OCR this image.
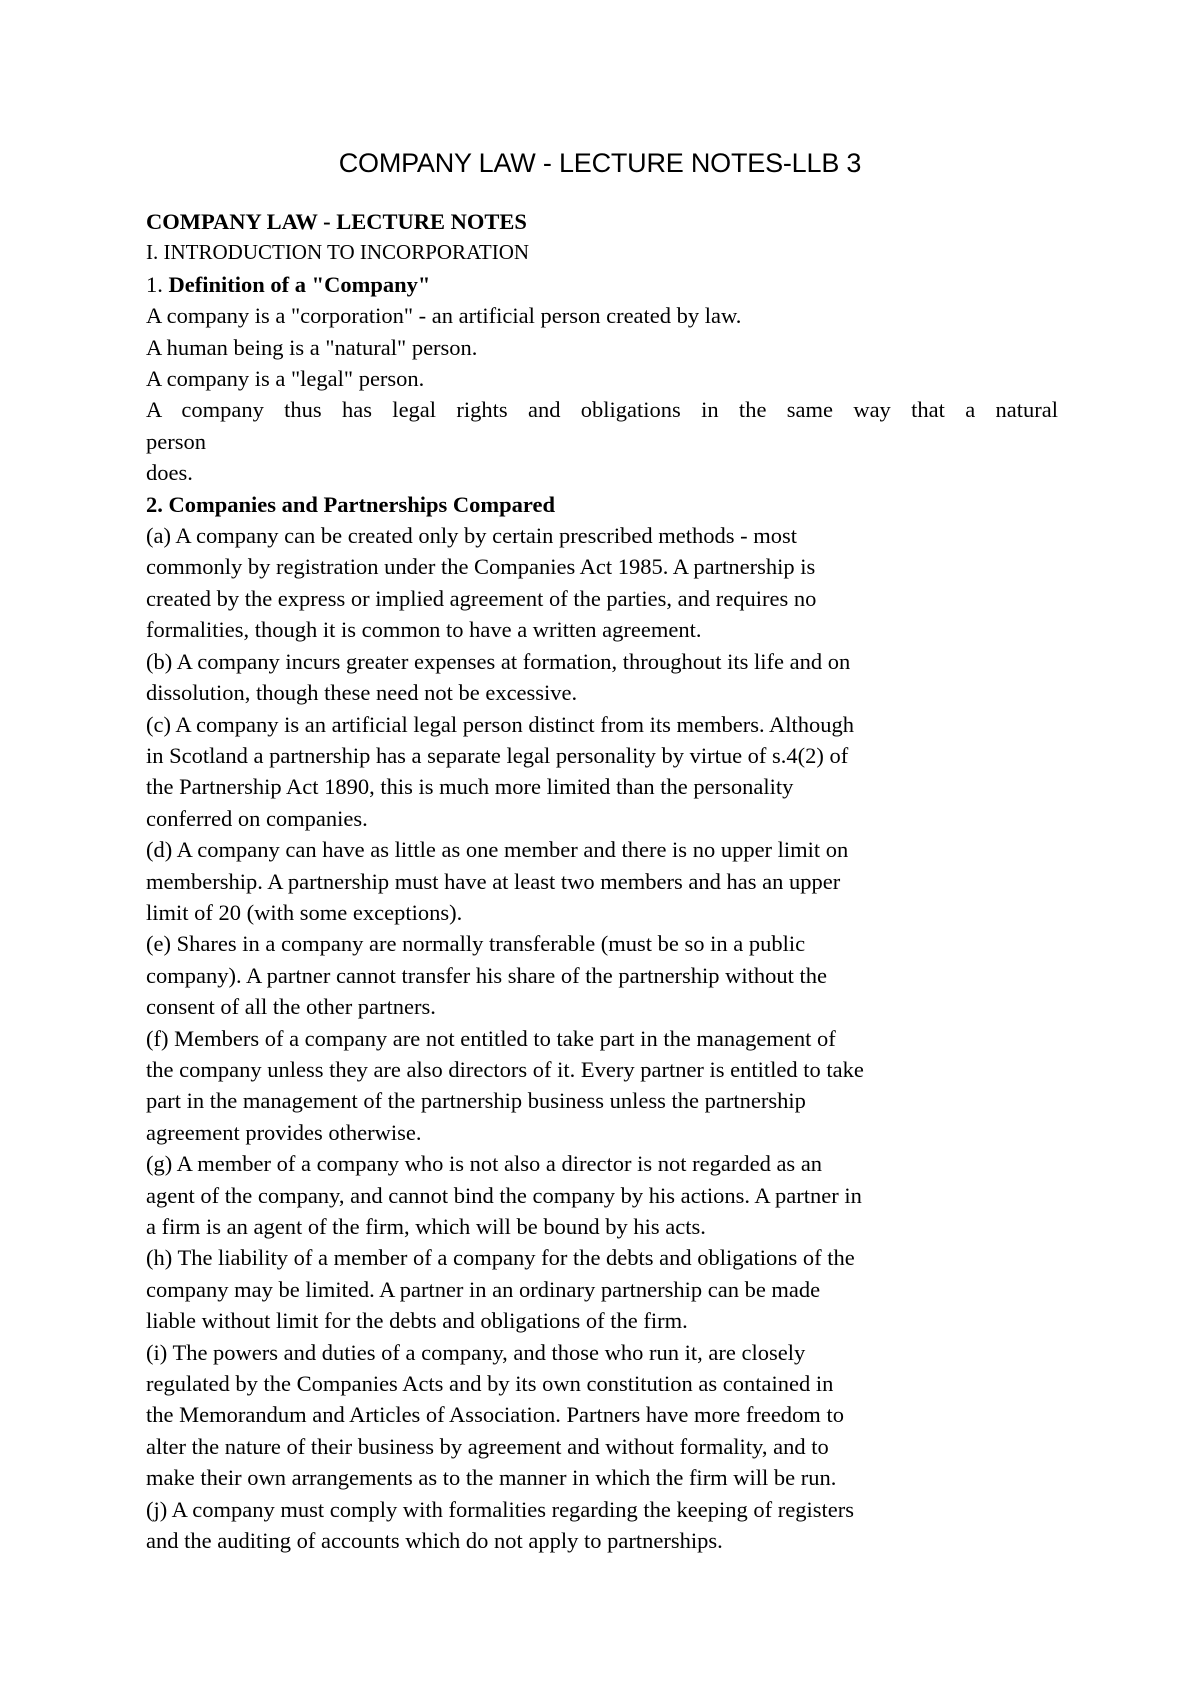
COMPANY LAW - LECTURE NOTES-LLB 3
COMPANY LAW - LECTURE NOTES
I. INTRODUCTION TO INCORPORATION
1. Definition of a "Company"
A company is a "corporation" - an artificial person created by law.
A human being is a "natural" person.
A company is a "legal" person.
A company thus has legal rights and obligations in the same way that a natural
person
does.
2. Companies and Partnerships Compared
(a) A company can be created only by certain prescribed methods - most
commonly by registration under the Companies Act 1985. A partnership is
created by the express or implied agreement of the parties, and requires no
formalities, though it is common to have a written agreement.
(b) A company incurs greater expenses at formation, throughout its life and on
dissolution, though these need not be excessive.
(c) A company is an artificial legal person distinct from its members. Although
in Scotland a partnership has a separate legal personality by virtue of s.4(2) of
the Partnership Act 1890, this is much more limited than the personality
conferred on companies.
(d) A company can have as little as one member and there is no upper limit on
membership. A partnership must have at least two members and has an upper
limit of 20 (with some exceptions).
(e) Shares in a company are normally transferable (must be so in a public
company). A partner cannot transfer his share of the partnership without the
consent of all the other partners.
(f) Members of a company are not entitled to take part in the management of
the company unless they are also directors of it. Every partner is entitled to take
part in the management of the partnership business unless the partnership
agreement provides otherwise.
(g) A member of a company who is not also a director is not regarded as an
agent of the company, and cannot bind the company by his actions. A partner in
a firm is an agent of the firm, which will be bound by his acts.
(h) The liability of a member of a company for the debts and obligations of the
company may be limited. A partner in an ordinary partnership can be made
liable without limit for the debts and obligations of the firm.
(i) The powers and duties of a company, and those who run it, are closely
regulated by the Companies Acts and by its own constitution as contained in
the Memorandum and Articles of Association. Partners have more freedom to
alter the nature of their business by agreement and without formality, and to
make their own arrangements as to the manner in which the firm will be run.
(j) A company must comply with formalities regarding the keeping of registers
and the auditing of accounts which do not apply to partnerships.
